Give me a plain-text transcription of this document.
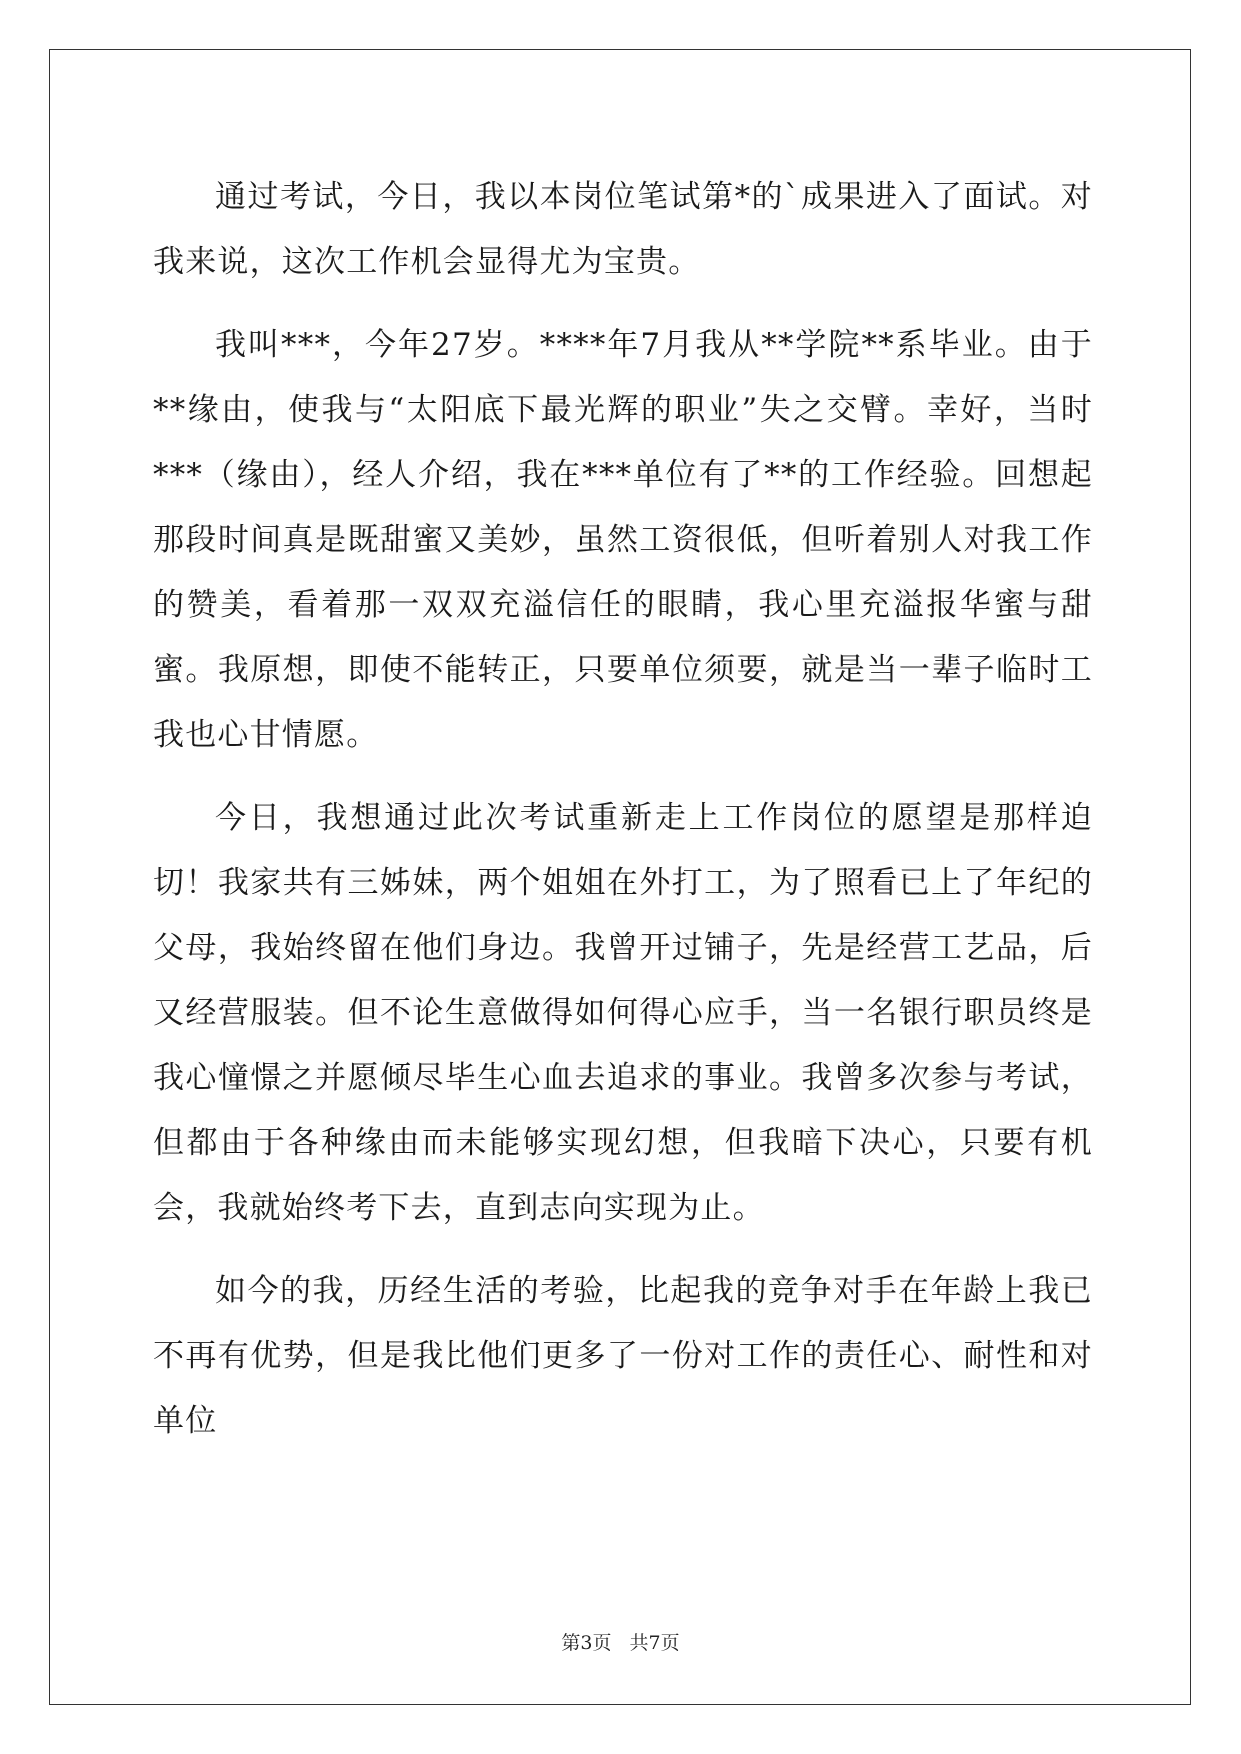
通过考试，今日，我以本岗位笔试第*的`成果进入了面试。对我来说，这次工作机会显得尤为宝贵。

我叫***，今年27岁。****年7月我从**学院**系毕业。由于**缘由，使我与“太阳底下最光辉的职业”失之交臂。幸好，当时***（缘由），经人介绍，我在***单位有了**的工作经验。回想起那段时间真是既甜蜜又美妙，虽然工资很低，但听着别人对我工作的赞美，看着那一双双充溢信任的眼睛，我心里充溢报华蜜与甜蜜。我原想，即使不能转正，只要单位须要，就是当一辈子临时工我也心甘情愿。

今日，我想通过此次考试重新走上工作岗位的愿望是那样迫切！我家共有三姊妹，两个姐姐在外打工，为了照看已上了年纪的父母，我始终留在他们身边。我曾开过铺子，先是经营工艺品，后又经营服装。但不论生意做得如何得心应手，当一名银行职员终是我心憧憬之并愿倾尽毕生心血去追求的事业。我曾多次参与考试，但都由于各种缘由而未能够实现幻想，但我暗下决心，只要有机会，我就始终考下去，直到志向实现为止。

如今的我，历经生活的考验，比起我的竞争对手在年龄上我已不再有优势，但是我比他们更多了一份对工作的责任心、耐性和对单位

第3页 共7页
